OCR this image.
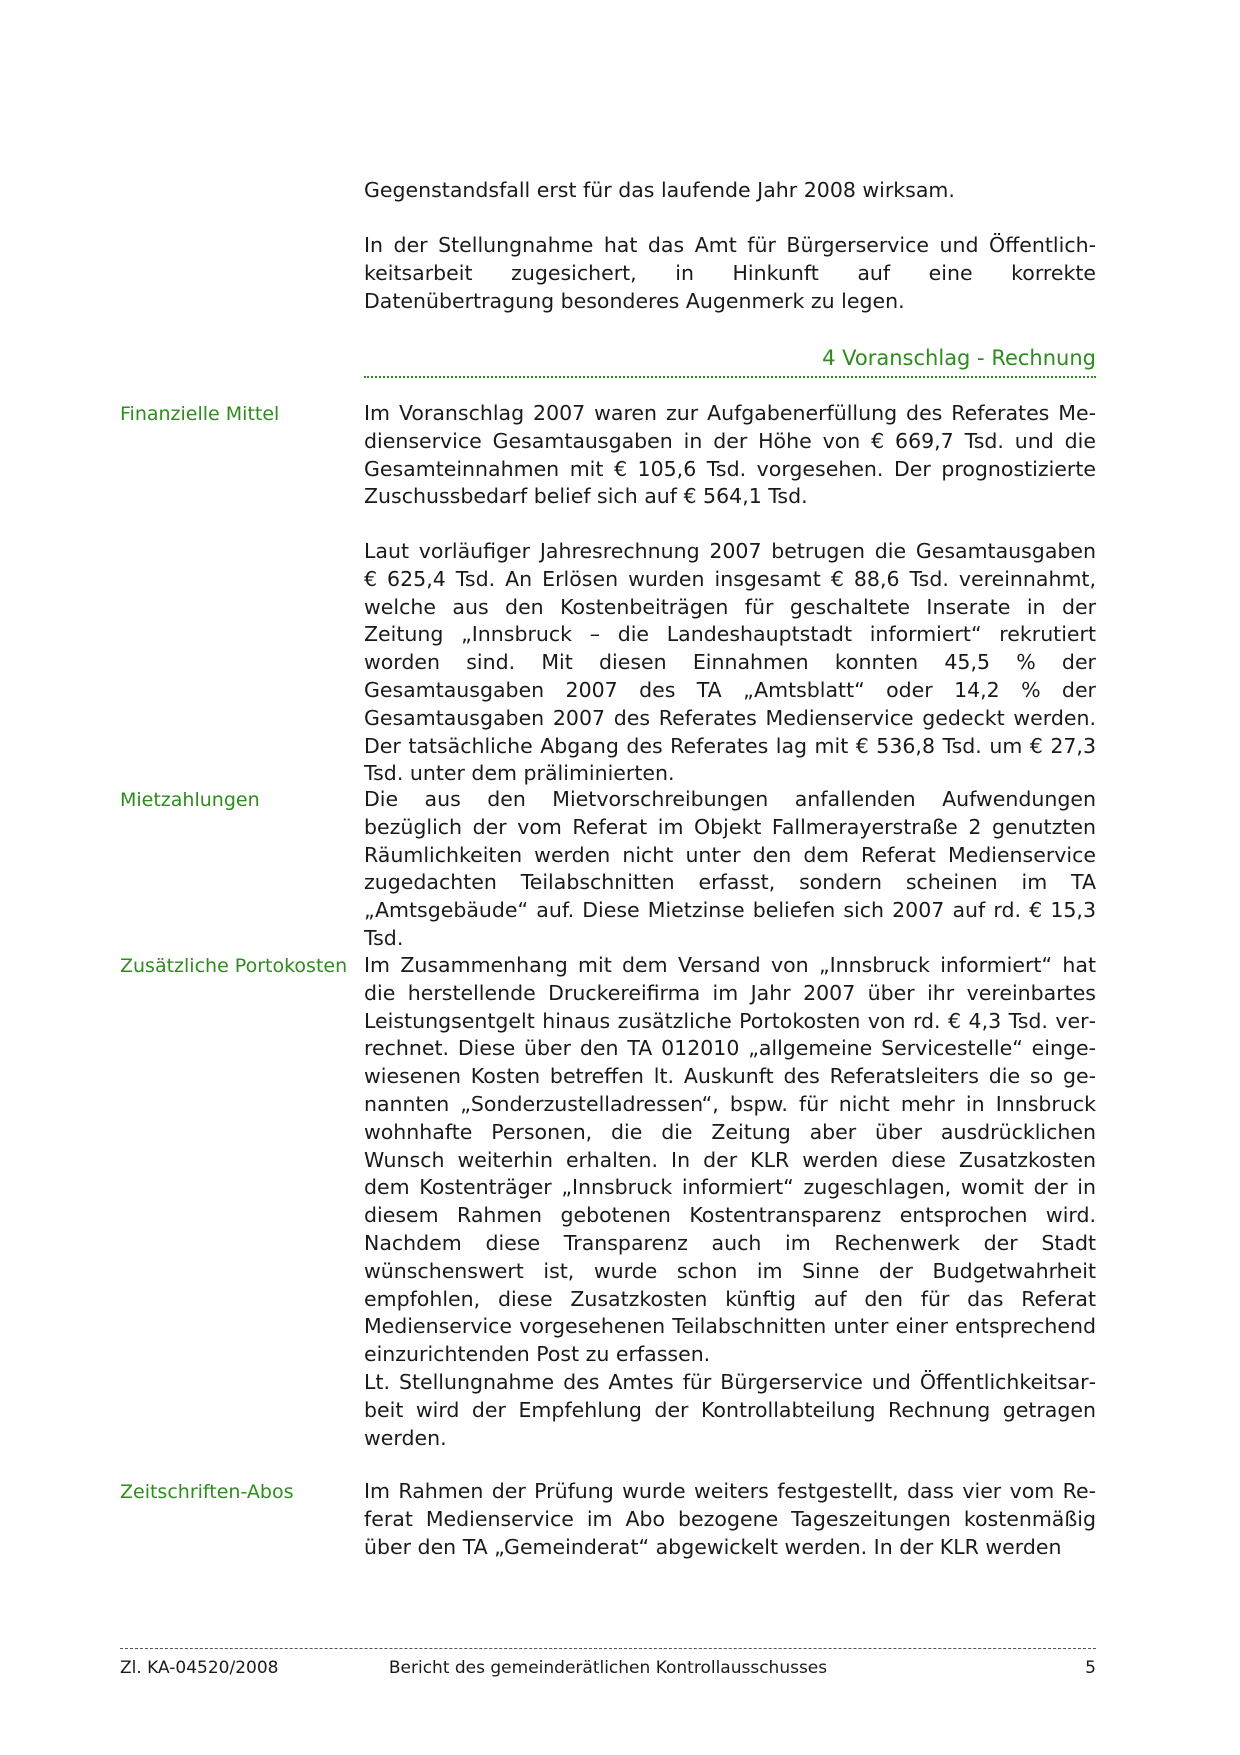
Gegenstandsfall erst für das laufende Jahr 2008 wirksam.

In der Stellungnahme hat das Amt für Bürgerservice und Öffentlichkeitsarbeit zugesichert, in Hinkunft auf eine korrekte Datenübertragung besonderes Augenmerk zu legen.

4 Voranschlag - Rechnung

Finanzielle Mittel	Im Voranschlag 2007 waren zur Aufgabenerfüllung des Referates Medienservice Gesamtausgaben in der Höhe von € 669,7 Tsd. und die Gesamteinnahmen mit € 105,6 Tsd. vorgesehen. Der prognostizierte Zuschussbedarf belief sich auf € 564,1 Tsd.

Laut vorläufiger Jahresrechnung 2007 betrugen die Gesamtausgaben € 625,4 Tsd. An Erlösen wurden insgesamt € 88,6 Tsd. vereinnahmt, welche aus den Kostenbeiträgen für geschaltete Inserate in der Zeitung „Innsbruck – die Landeshauptstadt informiert“ rekrutiert worden sind. Mit diesen Einnahmen konnten 45,5 % der Gesamtausgaben 2007 des TA „Amtsblatt“ oder 14,2 % der Gesamtausgaben 2007 des Referates Medienservice gedeckt werden. Der tatsächliche Abgang des Referates lag mit € 536,8 Tsd. um € 27,3 Tsd. unter dem präliminierten.

Mietzahlungen	Die aus den Mietvorschreibungen anfallenden Aufwendungen bezüglich der vom Referat im Objekt Fallmerayerstraße 2 genutzten Räumlichkeiten werden nicht unter den dem Referat Medienservice zugedachten Teilabschnitten erfasst, sondern scheinen im TA „Amtsgebäude“ auf. Diese Mietzinse beliefen sich 2007 auf rd. € 15,3 Tsd.

Zusätzliche Portokosten Im Zusammenhang mit dem Versand von „Innsbruck informiert“ hat die herstellende Druckereifirma im Jahr 2007 über ihr vereinbartes Leistungsentgelt hinaus zusätzliche Portokosten von rd. € 4,3 Tsd. verrechnet. Diese über den TA 012010 „allgemeine Servicestelle“ eingewiesenen Kosten betreffen lt. Auskunft des Referatsleiters die so genannten „Sonderzustelladressen“, bspw. für nicht mehr in Innsbruck wohnhafte Personen, die die Zeitung aber über ausdrücklichen Wunsch weiterhin erhalten. In der KLR werden diese Zusatzkosten dem Kostenträger „Innsbruck informiert“ zugeschlagen, womit der in diesem Rahmen gebotenen Kostentransparenz entsprochen wird. Nachdem diese Transparenz auch im Rechenwerk der Stadt wünschenswert ist, wurde schon im Sinne der Budgetwahrheit empfohlen, diese Zusatzkosten künftig auf den für das Referat Medienservice vorgesehenen Teilabschnitten unter einer entsprechend einzurichtenden Post zu erfassen.

Lt. Stellungnahme des Amtes für Bürgerservice und Öffentlichkeitsarbeit wird der Empfehlung der Kontrollabteilung Rechnung getragen werden.

Zeitschriften-Abos	Im Rahmen der Prüfung wurde weiters festgestellt, dass vier vom Referat Medienservice im Abo bezogene Tageszeitungen kostenmäßig über den TA „Gemeinderat“ abgewickelt werden. In der KLR werden

Zl. KA-04520/2008	Bericht des gemeinderätlichen Kontrollausschusses	5
